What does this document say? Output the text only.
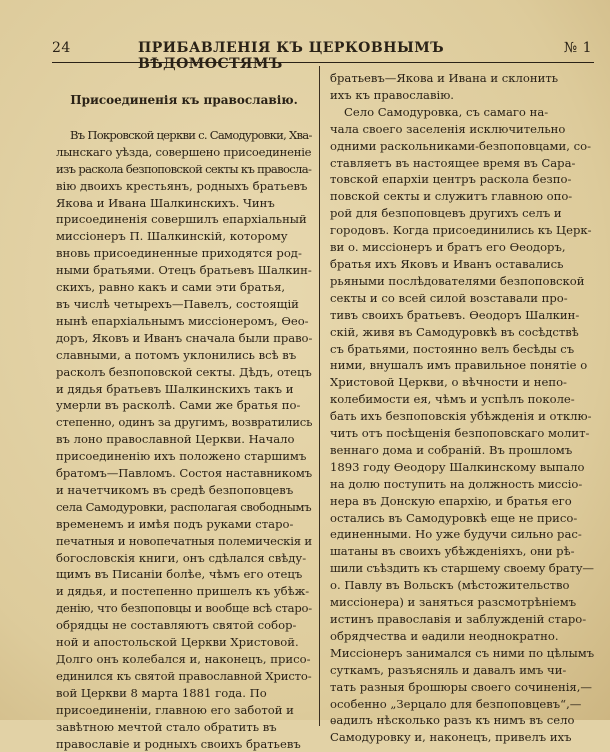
24	ПРИБАВЛЕНІЯ КЪ ЦЕРКОВНЫМЪ ВѢДОМОСТЯМЪ
№ 1
Присоединенія къ православію.
Въ Покровской церкви с. Самодуровки, Хва-
лынскаго уѣзда, совершено присоединеніе
изъ раскола безпоповской секты къ правосла-
вію двоихъ крестьянъ, родныхъ братьевъ
Якова и Ивана Шалкинскихъ. Чинъ
присоединенія совершилъ епархіальный
миссіонеръ П. Шалкинскій, которому
вновь присоединенные приходятся род-
ными братьями. Отецъ братьевъ Шалкин-
скихъ, равно какъ и сами эти братья,
въ числѣ четырехъ—Павелъ, состоящій
нынѣ епархіальнымъ миссіонеромъ, Ѳео-
доръ, Яковъ и Иванъ сначала были право-
славными, а потомъ уклонились всѣ въ
расколъ безпоповской секты. Дѣдъ, отецъ
и дядья братьевъ Шалкинскихъ такъ и
умерли въ расколѣ. Сами же братья по-
степенно, одинъ за другимъ, возвратились
въ лоно православной Церкви. Начало
присоединенію ихъ положено старшимъ
братомъ—Павломъ. Состоя наставникомъ
и начетчикомъ въ средѣ безпоповцевъ
села Самодуровки, располагая свободнымъ
временемъ и имѣя подъ руками старо-
печатныя и новопечатныя полемическія и
богословскія книги, онъ сдѣлался свѣду-
щимъ въ Писаніи болѣе, чѣмъ его отецъ
и дядья, и постепенно пришелъ къ убѣж-
денію, что безпоповцы и вообще всѣ старо-
обрядцы не составляютъ святой собор-
ной и апостольской Церкви Христовой.
Долго онъ колебался и, наконецъ, присо-
единился къ святой православной Христо-
вой Церкви 8 марта 1881 года. По
присоединеніи, главною его заботой и
завѣтною мечтой стало обратить въ
православіе и родныхъ своихъ братьевъ
братьевъ—Якова и Ивана и склонить
ихъ къ православію.
Село Самодуровка, съ самаго на-
чала своего заселенія исключительно
одними раскольниками-безпоповцами, со-
ставляетъ въ настоящее время въ Сара-
товской епархіи центръ раскола безпо-
повской секты и служитъ главною опо-
рой для безпоповцевъ другихъ селъ и
городовъ. Когда присоединились къ Церк-
ви о. миссіонеръ и братъ его Ѳеодоръ,
братья ихъ Яковъ и Иванъ оставались
рьяными послѣдователями безпоповской
секты и со всей силой возставали про-
тивъ своихъ братьевъ. Ѳеодоръ Шалкин-
скій, живя въ Самодуровкѣ въ сосѣдствѣ
съ братьями, постоянно велъ бесѣды съ
ними, внушалъ имъ правильное понятіе о
Христовой Церкви, о вѣчности и непо-
колебимости ея, чѣмъ и успѣлъ поколе-
бать ихъ безпоповскія убѣжденія и отклю-
чить отъ посѣщенія безпоповскаго молит-
веннаго дома и собраній. Въ прошломъ
1893 году Ѳеодору Шалкинскому выпало
на долю поступить на должность миссіо-
нера въ Донскую епархію, и братья его
остались въ Самодуровкѣ еще не присо-
единенными. Но уже будучи сильно рас-
шатаны въ своихъ убѣжденіяхъ, они рѣ-
шили съѣздить къ старшему своему брату—
о. Павлу въ Вольскъ (мѣстожительство
миссіонера) и заняться разсмотрѣніемъ
истинъ православія и заблужденій старо-
обрядчества и ѳадили неоднократно.
Миссіонеръ занимался съ ними по цѣлымъ
суткамъ, разъясняль и давалъ имъ чи-
тать разныя брошюры своего сочиненія,—
особенно „Зерцало для безпоповцевъ“,—
ѳадилъ нѣсколько разъ къ нимъ въ село
Самодуровку и, наконецъ, привелъ ихъ
